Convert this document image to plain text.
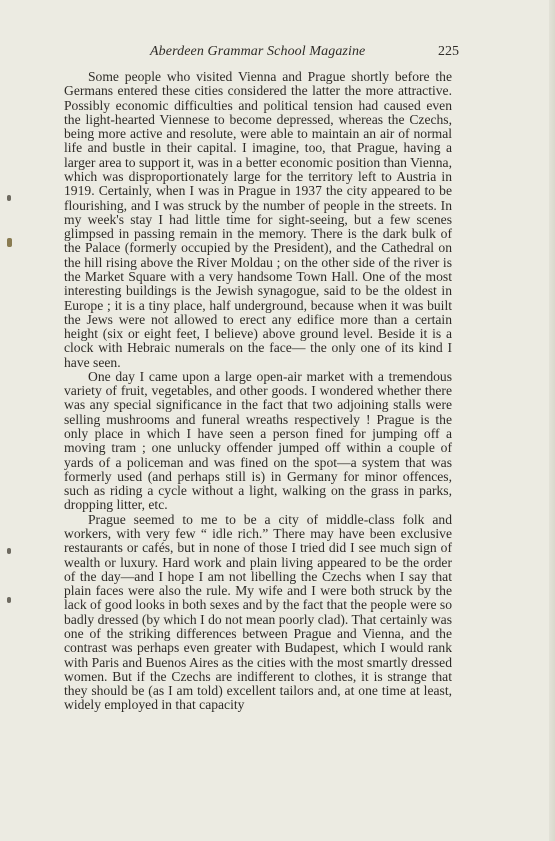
Aberdeen Grammar School Magazine	225

Some people who visited Vienna and Prague shortly before the Germans entered these cities considered the latter the more attractive. Possibly economic difficulties and political tension had caused even the light-hearted Viennese to become depressed, whereas the Czechs, being more active and resolute, were able to maintain an air of normal life and bustle in their capital. I imagine, too, that Prague, having a larger area to support it, was in a better economic position than Vienna, which was disproportionately large for the territory left to Austria in 1919. Certainly, when I was in Prague in 1937 the city appeared to be flourishing, and I was struck by the number of people in the streets. In my week's stay I had little time for sight-seeing, but a few scenes glimpsed in passing remain in the memory. There is the dark bulk of the Palace (formerly occupied by the President), and the Cathedral on the hill rising above the River Moldau ; on the other side of the river is the Market Square with a very handsome Town Hall. One of the most interesting buildings is the Jewish synagogue, said to be the oldest in Europe ; it is a tiny place, half underground, because when it was built the Jews were not allowed to erect any edifice more than a certain height (six or eight feet, I believe) above ground level. Beside it is a clock with Hebraic numerals on the face— the only one of its kind I have seen.

One day I came upon a large open-air market with a tremendous variety of fruit, vegetables, and other goods. I wondered whether there was any special significance in the fact that two adjoining stalls were selling mushrooms and funeral wreaths respectively ! Prague is the only place in which I have seen a person fined for jumping off a moving tram ; one unlucky offender jumped off within a couple of yards of a policeman and was fined on the spot—a system that was formerly used (and perhaps still is) in Germany for minor offences, such as riding a cycle without a light, walking on the grass in parks, dropping litter, etc.

Prague seemed to me to be a city of middle-class folk and workers, with very few “ idle rich.” There may have been exclusive restaurants or cafés, but in none of those I tried did I see much sign of wealth or luxury. Hard work and plain living appeared to be the order of the day—and I hope I am not libelling the Czechs when I say that plain faces were also the rule. My wife and I were both struck by the lack of good looks in both sexes and by the fact that the people were so badly dressed (by which I do not mean poorly clad). That certainly was one of the striking differences between Prague and Vienna, and the contrast was perhaps even greater with Budapest, which I would rank with Paris and Buenos Aires as the cities with the most smartly dressed women. But if the Czechs are indifferent to clothes, it is strange that they should be (as I am told) excellent tailors and, at one time at least, widely employed in that capacity
